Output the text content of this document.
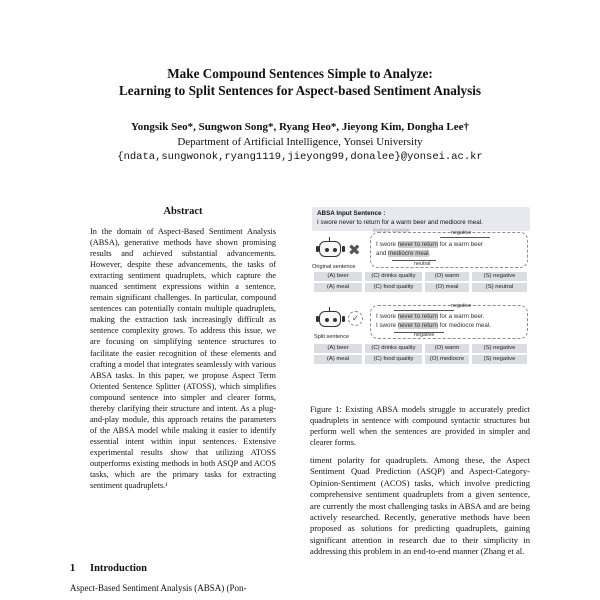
Make Compound Sentences Simple to Analyze:
Learning to Split Sentences for Aspect-based Sentiment Analysis
Yongsik Seo*, Sungwon Song*, Ryang Heo*, Jieyong Kim, Dongha Lee†
Department of Artificial Intelligence, Yonsei University
{ndata,sungwonok,ryang1119,jieyong99,donalee}@yonsei.ac.kr
Abstract

In the domain of Aspect-Based Sentiment Analysis (ABSA), generative methods have shown promising results and achieved substantial advancements. However, despite these advancements, the tasks of extracting sentiment quadruplets, which capture the nuanced sentiment expressions within a sentence, remain significant challenges. In particular, compound sentences can potentially contain multiple quadruplets, making the extraction task increasingly difficult as sentence complexity grows. To address this issue, we are focusing on simplifying sentence structures to facilitate the easier recognition of these elements and crafting a model that integrates seamlessly with various ABSA tasks. In this paper, we propose Aspect Term Oriented Sentence Splitter (ATOSS), which simplifies compound sentence into simpler and clearer forms, thereby clarifying their structure and intent. As a plug-and-play module, this approach retains the parameters of the ABSA model while making it easier to identify essential intent within input sentences. Extensive experimental results show that utilizing ATOSS outperforms existing methods in both ASQP and ACOS tasks, which are the primary tasks for extracting sentiment quadruplets.¹

1 Introduction
Aspect-Based Sentiment Analysis (ABSA) (Pon-
ABSA Input Sentence :
I swore never to return for a warm beer and mediocre meal.
✖
Original sentence
Indirect opinion	negative
I swore never to return for a warm beer
and mediocre meal.
neutral
(A) beer	(C) drinks quality	(O) warm	(S) negative
(A) meal	(C) food quality	(O) meal	(S) neutral
✓
Split sentence
negative
I swore never to return for a warm beer.
I swore never to return for mediocre meal.
negative
(A) beer	(C) drinks quality	(O) warm	(S) negative
(A) meal	(C) food quality	(O) mediocre	(S) negative
Figure 1: Existing ABSA models struggle to accurately predict quadruplets in sentence with compound syntactic structures but perform well when the sentences are provided in simpler and clearer forms.
timent polarity for quadruplets. Among these, the Aspect Sentiment Quad Prediction (ASQP) and Aspect-Category-Opinion-Sentiment (ACOS) tasks, which involve predicting comprehensive sentiment quadruplets from a given sentence, are currently the most challenging tasks in ABSA and are being actively researched. Recently, generative methods have been proposed as solutions for predicting quadruplets, gaining significant attention in research due to their simplicity in addressing this problem in an end-to-end manner (Zhang et al.
